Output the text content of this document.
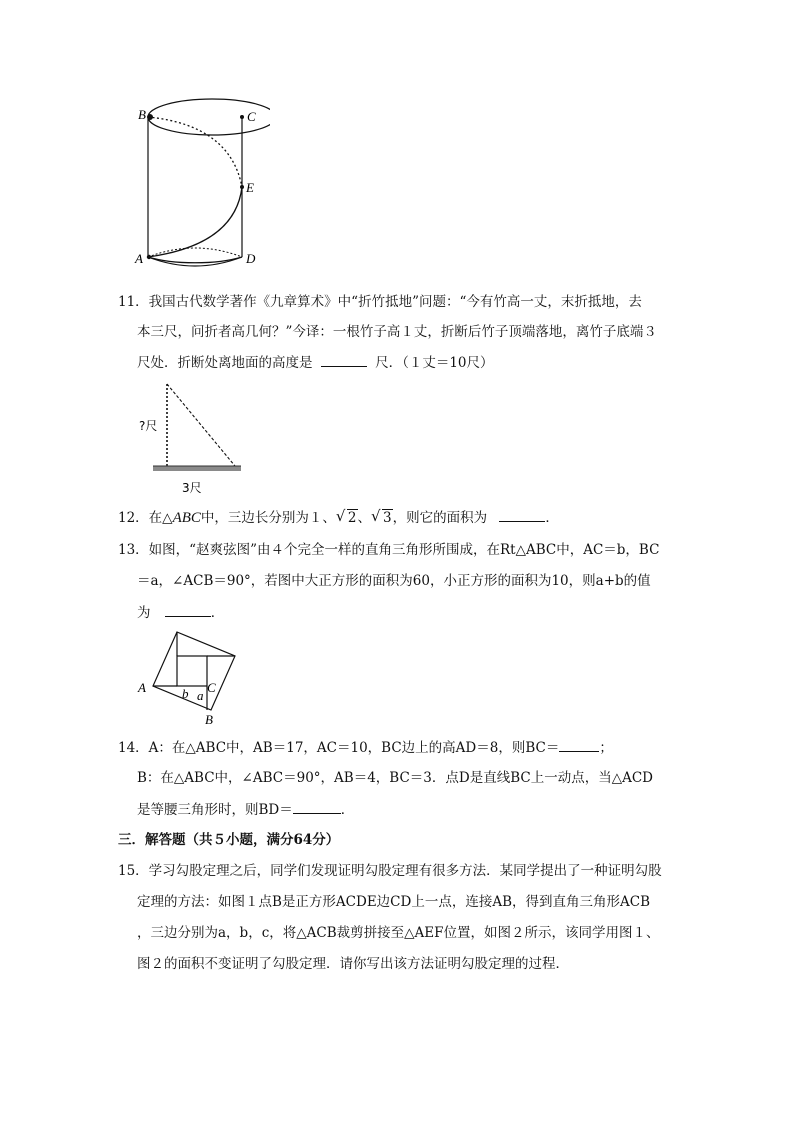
B	C
E
A	D
11．我国古代数学著作《九章算术》中“折竹抵地”问题：“今有竹高一丈，末折抵地，去
本三尺，问折者高几何？”今译：一根竹子高１丈，折断后竹子顶端落地，离竹子底端３
尺处．折断处离地面的高度是	尺．（１丈＝10尺）
?尺
3尺
12．在△ABC中，三边长分别为１、 √ 2、 √ 3，则它的面积为	．
13．如图，“赵爽弦图”由４个完全一样的直角三角形所围成，在Rt△ABC中，AC＝b，BC
＝a，∠ACB＝90°，若图中大正方形的面积为60，小正方形的面积为10，则a+b的值
为	．
A
B
C
b a
14．A：在△ABC中，AB＝17，AC＝10，BC边上的高AD＝8，则BC＝	；
B：在△ABC中，∠ABC＝90°，AB＝4，BC＝3．点D是直线BC上一动点，当△ACD
是等腰三角形时，则BD＝	．
三．解答题（共５小题，满分64分）
15．学习勾股定理之后，同学们发现证明勾股定理有很多方法．某同学提出了一种证明勾股
定理的方法：如图１点B是正方形ACDE边CD上一点，连接AB，得到直角三角形ACB
，三边分别为a，b，c，将△ACB裁剪拼接至△AEF位置，如图２所示，该同学用图１、
图２的面积不变证明了勾股定理．请你写出该方法证明勾股定理的过程．
